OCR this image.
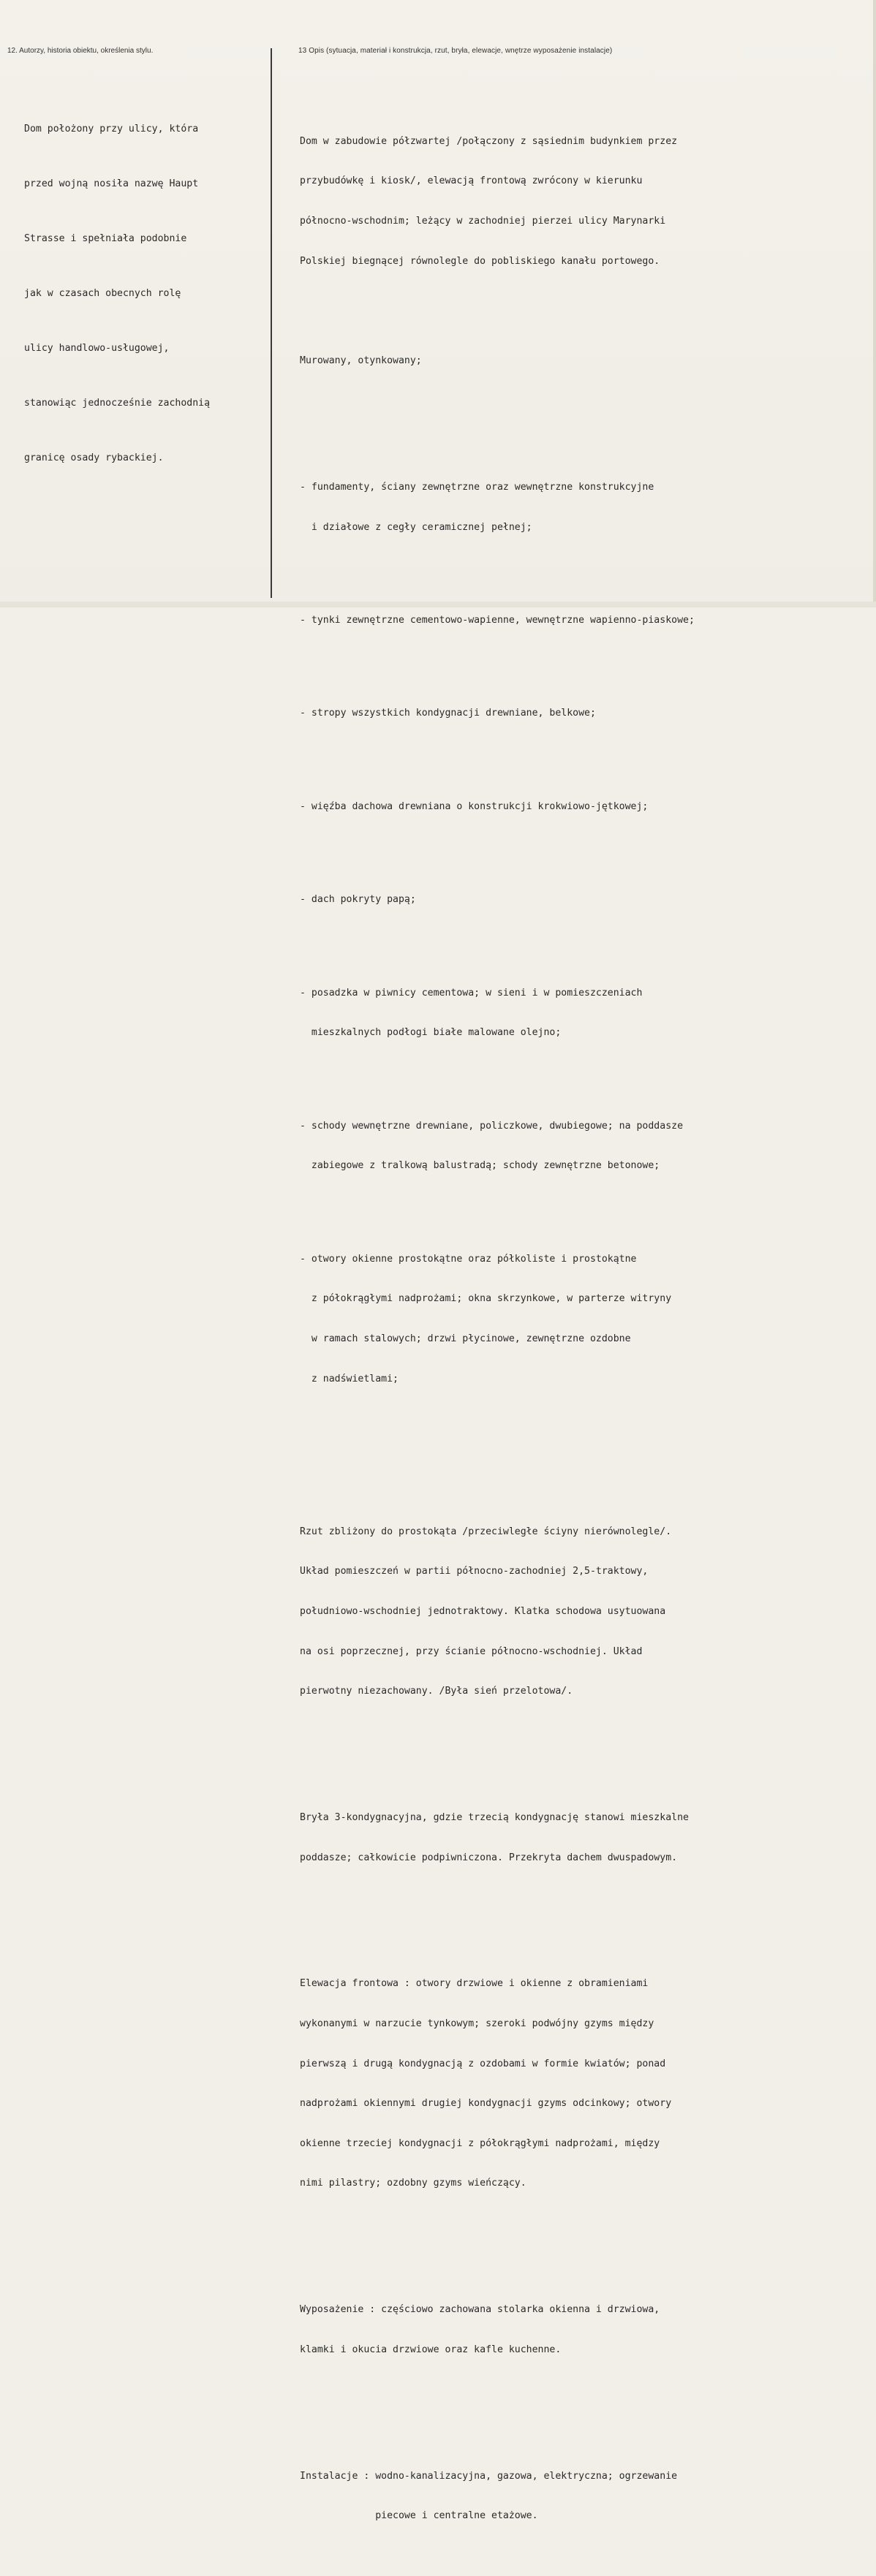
12. Autorzy, historia obiektu, określenia stylu.	13 Opis (sytuacja, materiał i konstrukcja, rzut, bryła, elewacje, wnętrze wyposażenie instalacje)

Dom położony przy ulicy, która

przed wojną nosiła nazwę Haupt

Strasse i spełniała podobnie

jak w czasach obecnych rolę

ulicy handlowo-usługowej,

stanowiąc jednocześnie zachodnią

granicę osady rybackiej.

Dom w zabudowie półzwartej /połączony z sąsiednim budynkiem przez

przybudówkę i kiosk/, elewacją frontową zwrócony w kierunku

północno-wschodnim; leżący w zachodniej pierzei ulicy Marynarki

Polskiej biegnącej równolegle do pobliskiego kanału portowego.

Murowany, otynkowany;

- fundamenty, ściany zewnętrzne oraz wewnętrzne konstrukcyjne

i działowe z cegły ceramicznej pełnej;

- tynki zewnętrzne cementowo-wapienne, wewnętrzne wapienno-piaskowe;

- stropy wszystkich kondygnacji drewniane, belkowe;

- więźba dachowa drewniana o konstrukcji krokwiowo-jętkowej;

- dach pokryty papą;

- posadzka w piwnicy cementowa; w sieni i w pomieszczeniach

mieszkalnych podłogi białe malowane olejno;

- schody wewnętrzne drewniane, policzkowe, dwubiegowe; na poddasze

zabiegowe z tralkową balustradą; schody zewnętrzne betonowe;

- otwory okienne prostokątne oraz półkoliste i prostokątne

z półokrągłymi nadprożami; okna skrzynkowe, w parterze witryny

w ramach stalowych; drzwi płycinowe, zewnętrzne ozdobne

z nadświetlami;

Rzut zbliżony do prostokąta /przeciwległe ściyny nierównolegle/.

Układ pomieszczeń w partii północno-zachodniej 2,5-traktowy,

południowo-wschodniej jednotraktowy. Klatka schodowa usytuowana

na osi poprzecznej, przy ścianie północno-wschodniej. Układ

pierwotny niezachowany. /Była sień przelotowa/.

Bryła 3-kondygnacyjna, gdzie trzecią kondygnację stanowi mieszkalne

poddasze; całkowicie podpiwniczona. Przekryta dachem dwuspadowym.

Elewacja frontowa : otwory drzwiowe i okienne z obramieniami

wykonanymi w narzucie tynkowym; szeroki podwójny gzyms między

pierwszą i drugą kondygnacją z ozdobami w formie kwiatów; ponad

nadprożami okiennymi drugiej kondygnacji gzyms odcinkowy; otwory

okienne trzeciej kondygnacji z półokrągłymi nadprożami, między

nimi pilastry; ozdobny gzyms wieńczący.

Wyposażenie : częściowo zachowana stolarka okienna i drzwiowa,

klamki i okucia drzwiowe oraz kafle kuchenne.

Instalacje : wodno-kanalizacyjna, gazowa, elektryczna; ogrzewanie

piecowe i centralne etażowe.
